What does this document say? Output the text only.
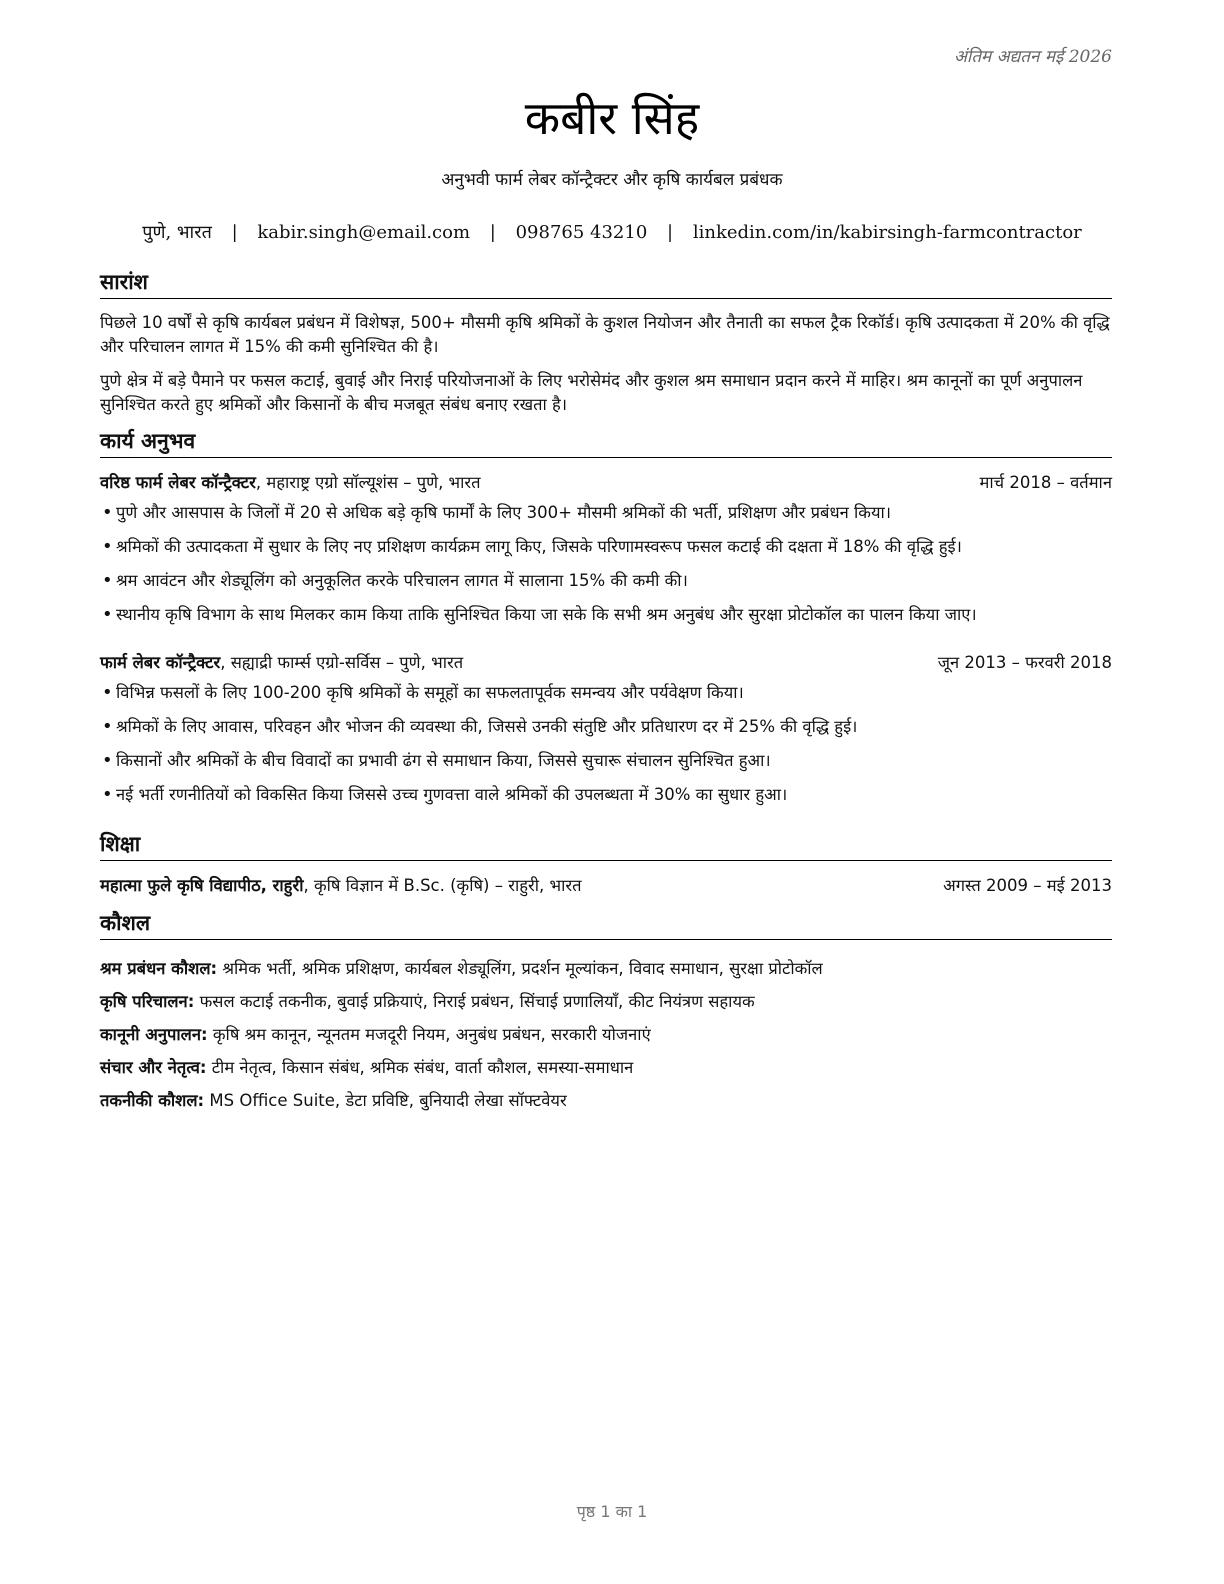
अंतिम अद्यतन मई 2026
कबीर सिंह
अनुभवी फार्म लेबर कॉन्ट्रैक्टर और कृषि कार्यबल प्रबंधक
पुणे, भारत | kabir.singh@email.com | 098765 43210 | linkedin.com/in/kabirsingh-farmcontractor
सारांश

पिछले 10 वर्षों से कृषि कार्यबल प्रबंधन में विशेषज्ञ, 500+ मौसमी कृषि श्रमिकों के कुशल नियोजन और तैनाती का सफल ट्रैक रिकॉर्ड। कृषि उत्पादकता में 20% की वृद्धि और परिचालन लागत में 15% की कमी सुनिश्चित की है।

पुणे क्षेत्र में बड़े पैमाने पर फसल कटाई, बुवाई और निराई परियोजनाओं के लिए भरोसेमंद और कुशल श्रम समाधान प्रदान करने में माहिर। श्रम कानूनों का पूर्ण अनुपालन सुनिश्चित करते हुए श्रमिकों और किसानों के बीच मजबूत संबंध बनाए रखता है।

कार्य अनुभव
वरिष्ठ फार्म लेबर कॉन्ट्रैक्टर, महाराष्ट्र एग्रो सॉल्यूशंस – पुणे, भारत	मार्च 2018 – वर्तमान
• पुणे और आसपास के जिलों में 20 से अधिक बड़े कृषि फार्मों के लिए 300+ मौसमी श्रमिकों की भर्ती, प्रशिक्षण और प्रबंधन किया।
• श्रमिकों की उत्पादकता में सुधार के लिए नए प्रशिक्षण कार्यक्रम लागू किए, जिसके परिणामस्वरूप फसल कटाई की दक्षता में 18% की वृद्धि हुई।
• श्रम आवंटन और शेड्यूलिंग को अनुकूलित करके परिचालन लागत में सालाना 15% की कमी की।
• स्थानीय कृषि विभाग के साथ मिलकर काम किया ताकि सुनिश्चित किया जा सके कि सभी श्रम अनुबंध और सुरक्षा प्रोटोकॉल का पालन किया जाए।
फार्म लेबर कॉन्ट्रैक्टर, सह्याद्री फार्म्स एग्रो-सर्विस – पुणे, भारत	जून 2013 – फरवरी 2018
• विभिन्न फसलों के लिए 100-200 कृषि श्रमिकों के समूहों का सफलतापूर्वक समन्वय और पर्यवेक्षण किया।
• श्रमिकों के लिए आवास, परिवहन और भोजन की व्यवस्था की, जिससे उनकी संतुष्टि और प्रतिधारण दर में 25% की वृद्धि हुई।
• किसानों और श्रमिकों के बीच विवादों का प्रभावी ढंग से समाधान किया, जिससे सुचारू संचालन सुनिश्चित हुआ।
• नई भर्ती रणनीतियों को विकसित किया जिससे उच्च गुणवत्ता वाले श्रमिकों की उपलब्धता में 30% का सुधार हुआ।
शिक्षा
महात्मा फुले कृषि विद्यापीठ, राहुरी, कृषि विज्ञान में B.Sc. (कृषि) – राहुरी, भारत	अगस्त 2009 – मई 2013
कौशल
श्रम प्रबंधन कौशल: श्रमिक भर्ती, श्रमिक प्रशिक्षण, कार्यबल शेड्यूलिंग, प्रदर्शन मूल्यांकन, विवाद समाधान, सुरक्षा प्रोटोकॉल
कृषि परिचालन: फसल कटाई तकनीक, बुवाई प्रक्रियाएं, निराई प्रबंधन, सिंचाई प्रणालियाँ, कीट नियंत्रण सहायक
कानूनी अनुपालन: कृषि श्रम कानून, न्यूनतम मजदूरी नियम, अनुबंध प्रबंधन, सरकारी योजनाएं
संचार और नेतृत्व: टीम नेतृत्व, किसान संबंध, श्रमिक संबंध, वार्ता कौशल, समस्या-समाधान
तकनीकी कौशल: MS Office Suite, डेटा प्रविष्टि, बुनियादी लेखा सॉफ्टवेयर
पृष्ठ 1 का 1
